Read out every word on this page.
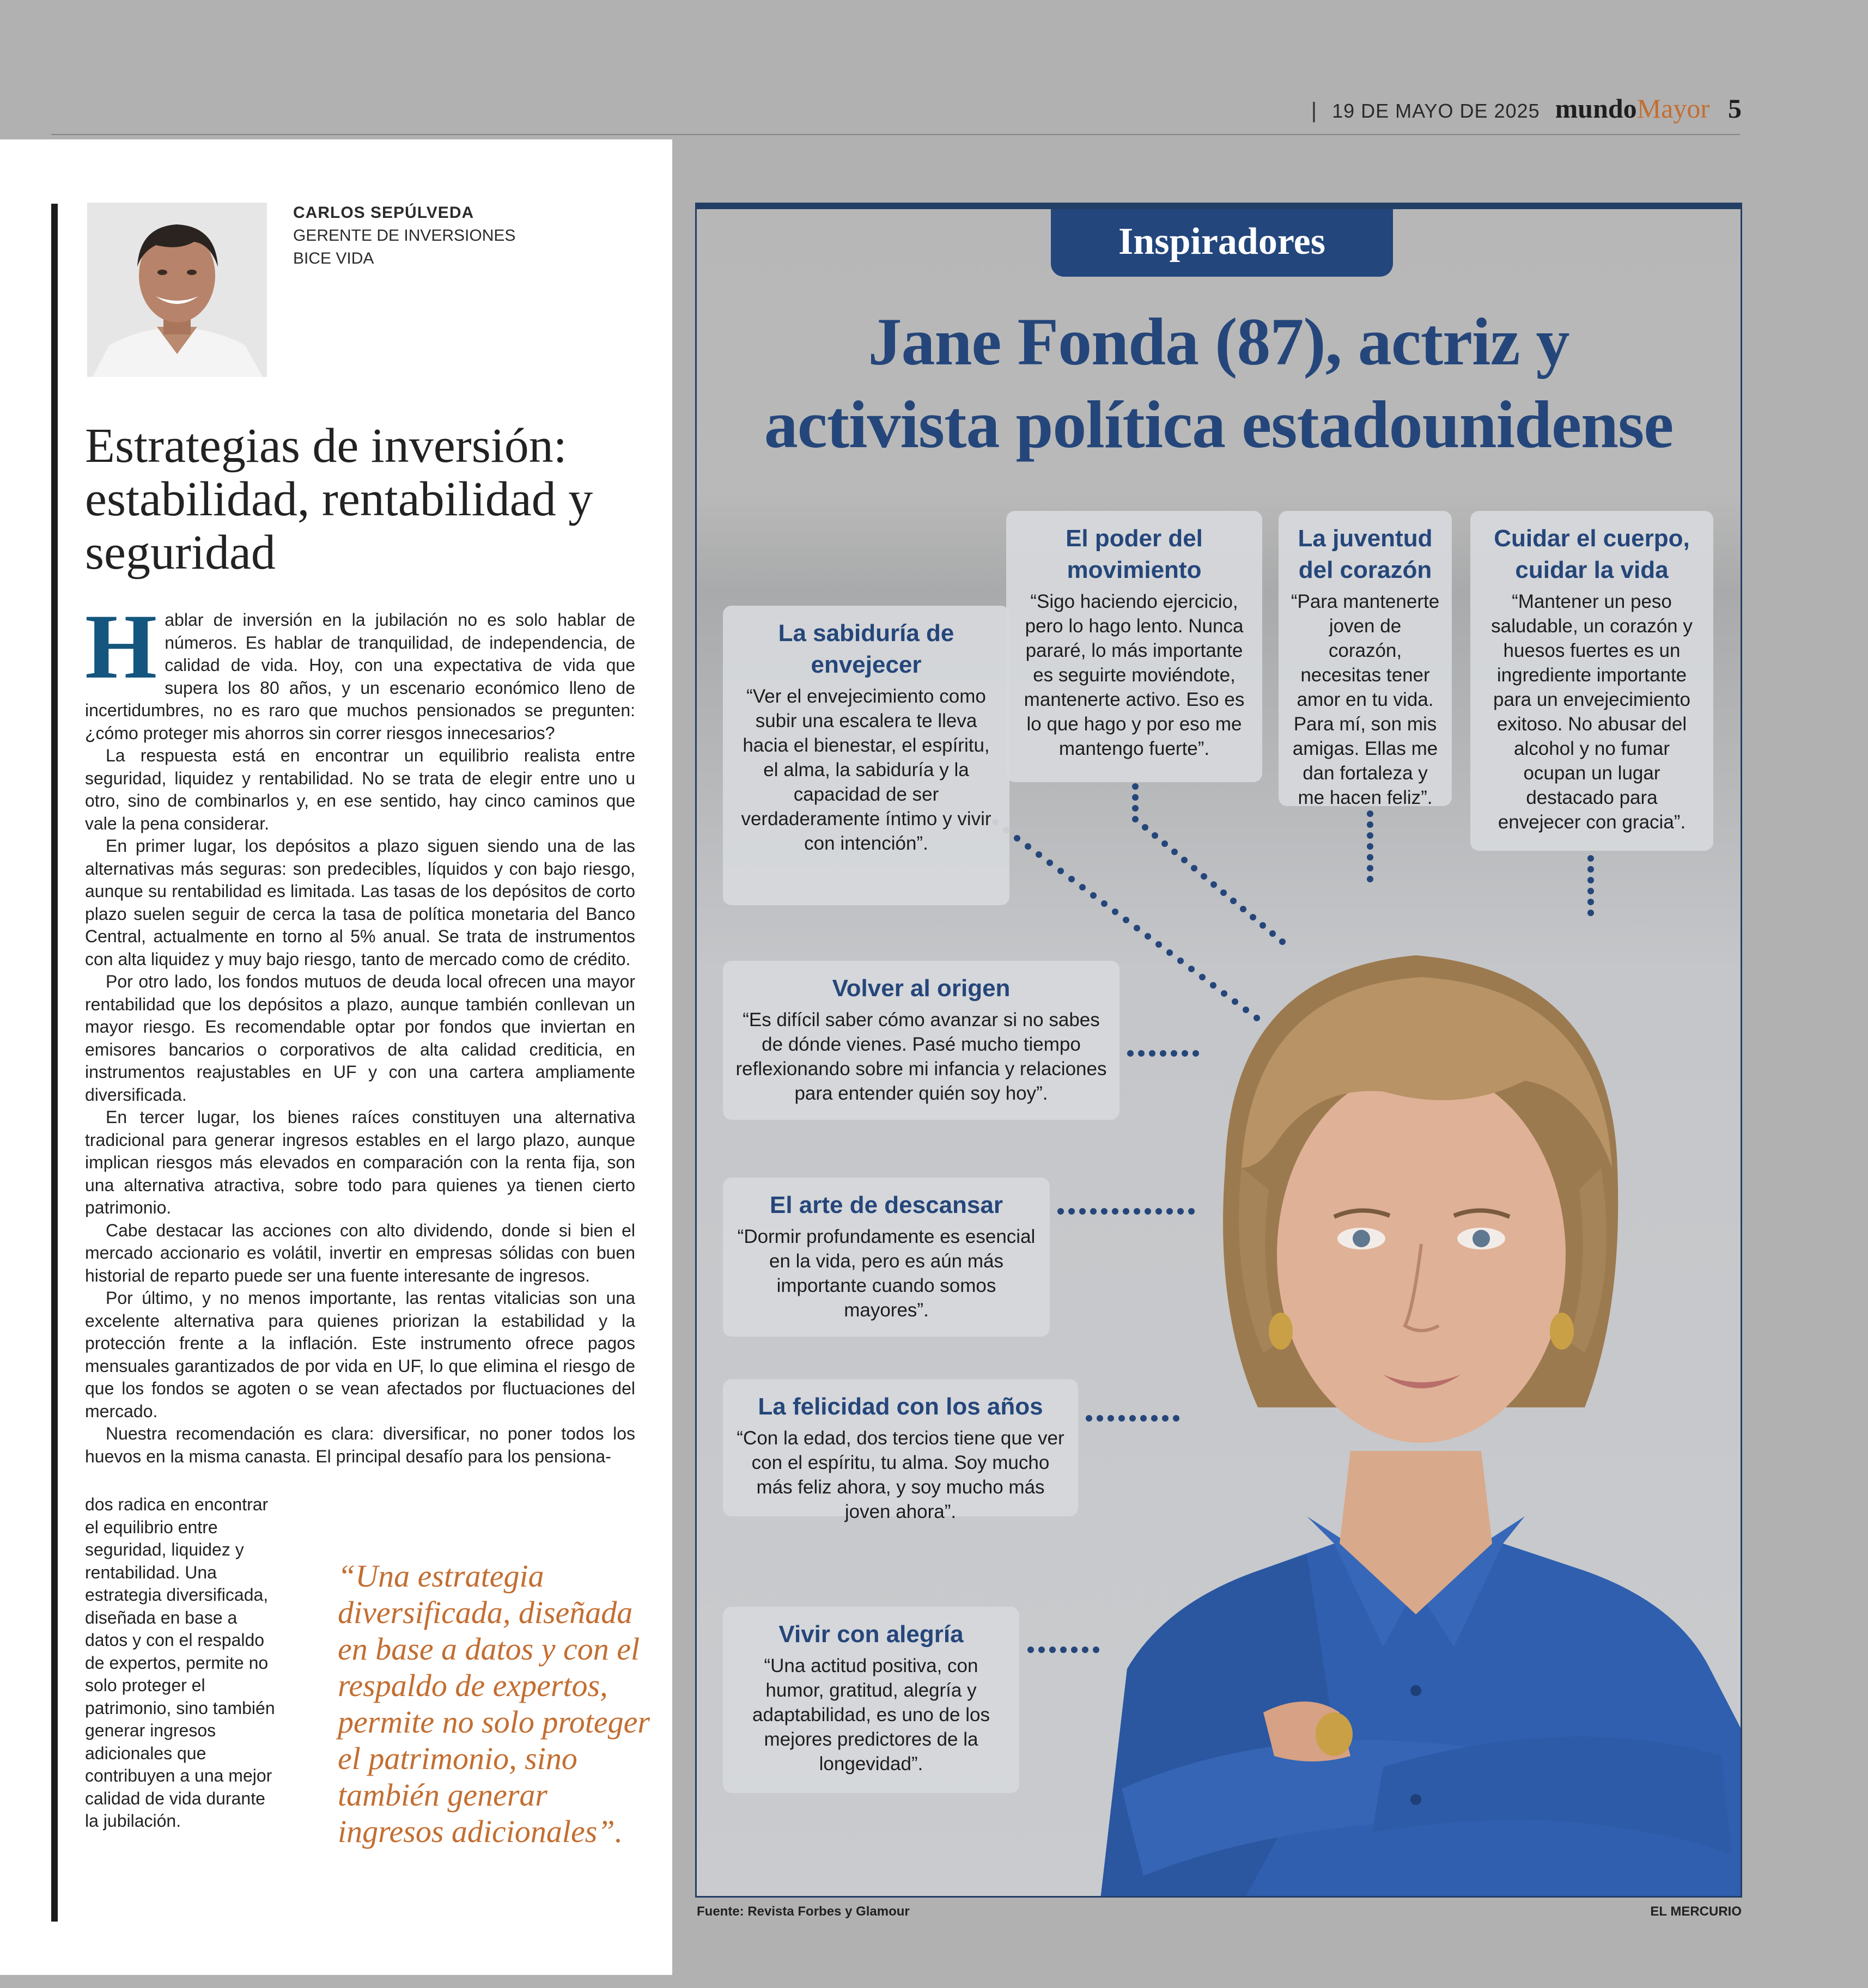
| 19 DE MAYO DE 2025 mundoMayor 5
CARLOS SEPÚLVEDA
GERENTE DE INVERSIONES
BICE VIDA
Estrategias de inversión: estabilidad, rentabilidad y seguridad

Hablar de inversión en la jubilación no es solo hablar de números. Es hablar de tranquilidad, de independencia, de calidad de vida. Hoy, con una expectativa de vida que supera los 80 años, y un escenario económico lleno de incertidumbres, no es raro que muchos pensionados se pregunten: ¿cómo proteger mis ahorros sin correr riesgos innecesarios?

La respuesta está en encontrar un equilibrio realista entre seguridad, liquidez y rentabilidad. No se trata de elegir entre uno u otro, sino de combinarlos y, en ese sentido, hay cinco caminos que vale la pena considerar.

En primer lugar, los depósitos a plazo siguen siendo una de las alternativas más seguras: son predecibles, líquidos y con bajo riesgo, aunque su rentabilidad es limitada. Las tasas de los depósitos de corto plazo suelen seguir de cerca la tasa de política monetaria del Banco Central, actualmente en torno al 5% anual. Se trata de instrumentos con alta liquidez y muy bajo riesgo, tanto de mercado como de crédito.

Por otro lado, los fondos mutuos de deuda local ofrecen una mayor rentabilidad que los depósitos a plazo, aunque también conllevan un mayor riesgo. Es recomendable optar por fondos que inviertan en emisores bancarios o corporativos de alta calidad crediticia, en instrumentos reajustables en UF y con una cartera ampliamente diversificada.

En tercer lugar, los bienes raíces constituyen una alternativa tradicional para generar ingresos estables en el largo plazo, aunque implican riesgos más elevados en comparación con la renta fija, son una alternativa atractiva, sobre todo para quienes ya tienen cierto patrimonio.

Cabe destacar las acciones con alto dividendo, donde si bien el mercado accionario es volátil, invertir en empresas sólidas con buen historial de reparto puede ser una fuente interesante de ingresos.

Por último, y no menos importante, las rentas vitalicias son una excelente alternativa para quienes priorizan la estabilidad y la protección frente a la inflación. Este instrumento ofrece pagos mensuales garantizados de por vida en UF, lo que elimina el riesgo de que los fondos se agoten o se vean afectados por fluctuaciones del mercado.

Nuestra recomendación es clara: diversificar, no poner todos los huevos en la misma canasta. El principal desafío para los pensiona-

dos radica en encontrar el equilibrio entre seguridad, liquidez y rentabilidad. Una estrategia diversificada, diseñada en base a datos y con el respaldo de expertos, permite no solo proteger el patrimonio, sino también generar ingresos adicionales que contribuyen a una mejor calidad de vida durante la jubilación.
“Una estrategia diversificada, diseñada en base a datos y con el respaldo de expertos, permite no solo proteger el patrimonio, sino también generar ingresos adicionales”.
Inspiradores
Jane Fonda (87), actriz y
activista política estadounidense
La sabiduría de envejecer
“Ver el envejecimiento como subir una escalera te lleva hacia el bienestar, el espíritu, el alma, la sabiduría y la capacidad de ser verdaderamente íntimo y vivir con intención”.
El poder del movimiento
“Sigo haciendo ejercicio, pero lo hago lento. Nunca pararé, lo más importante es seguirte moviéndote, mantenerte activo. Eso es lo que hago y por eso me mantengo fuerte”.
La juventud del corazón
“Para mantenerte joven de corazón, necesitas tener amor en tu vida. Para mí, son mis amigas. Ellas me dan fortaleza y me hacen feliz”.
Cuidar el cuerpo, cuidar la vida
“Mantener un peso saludable, un corazón y huesos fuertes es un ingrediente importante para un envejecimiento exitoso. No abusar del alcohol y no fumar ocupan un lugar destacado para envejecer con gracia”.
Volver al origen
“Es difícil saber cómo avanzar si no sabes de dónde vienes. Pasé mucho tiempo reflexionando sobre mi infancia y relaciones para entender quién soy hoy”.
El arte de descansar
“Dormir profundamente es esencial en la vida, pero es aún más importante cuando somos mayores”.
La felicidad con los años
“Con la edad, dos tercios tiene que ver con el espíritu, tu alma. Soy mucho más feliz ahora, y soy mucho más joven ahora”.
Vivir con alegría
“Una actitud positiva, con humor, gratitud, alegría y adaptabilidad, es uno de los mejores predictores de la longevidad”.
Fuente: Revista Forbes y Glamour	EL MERCURIO
